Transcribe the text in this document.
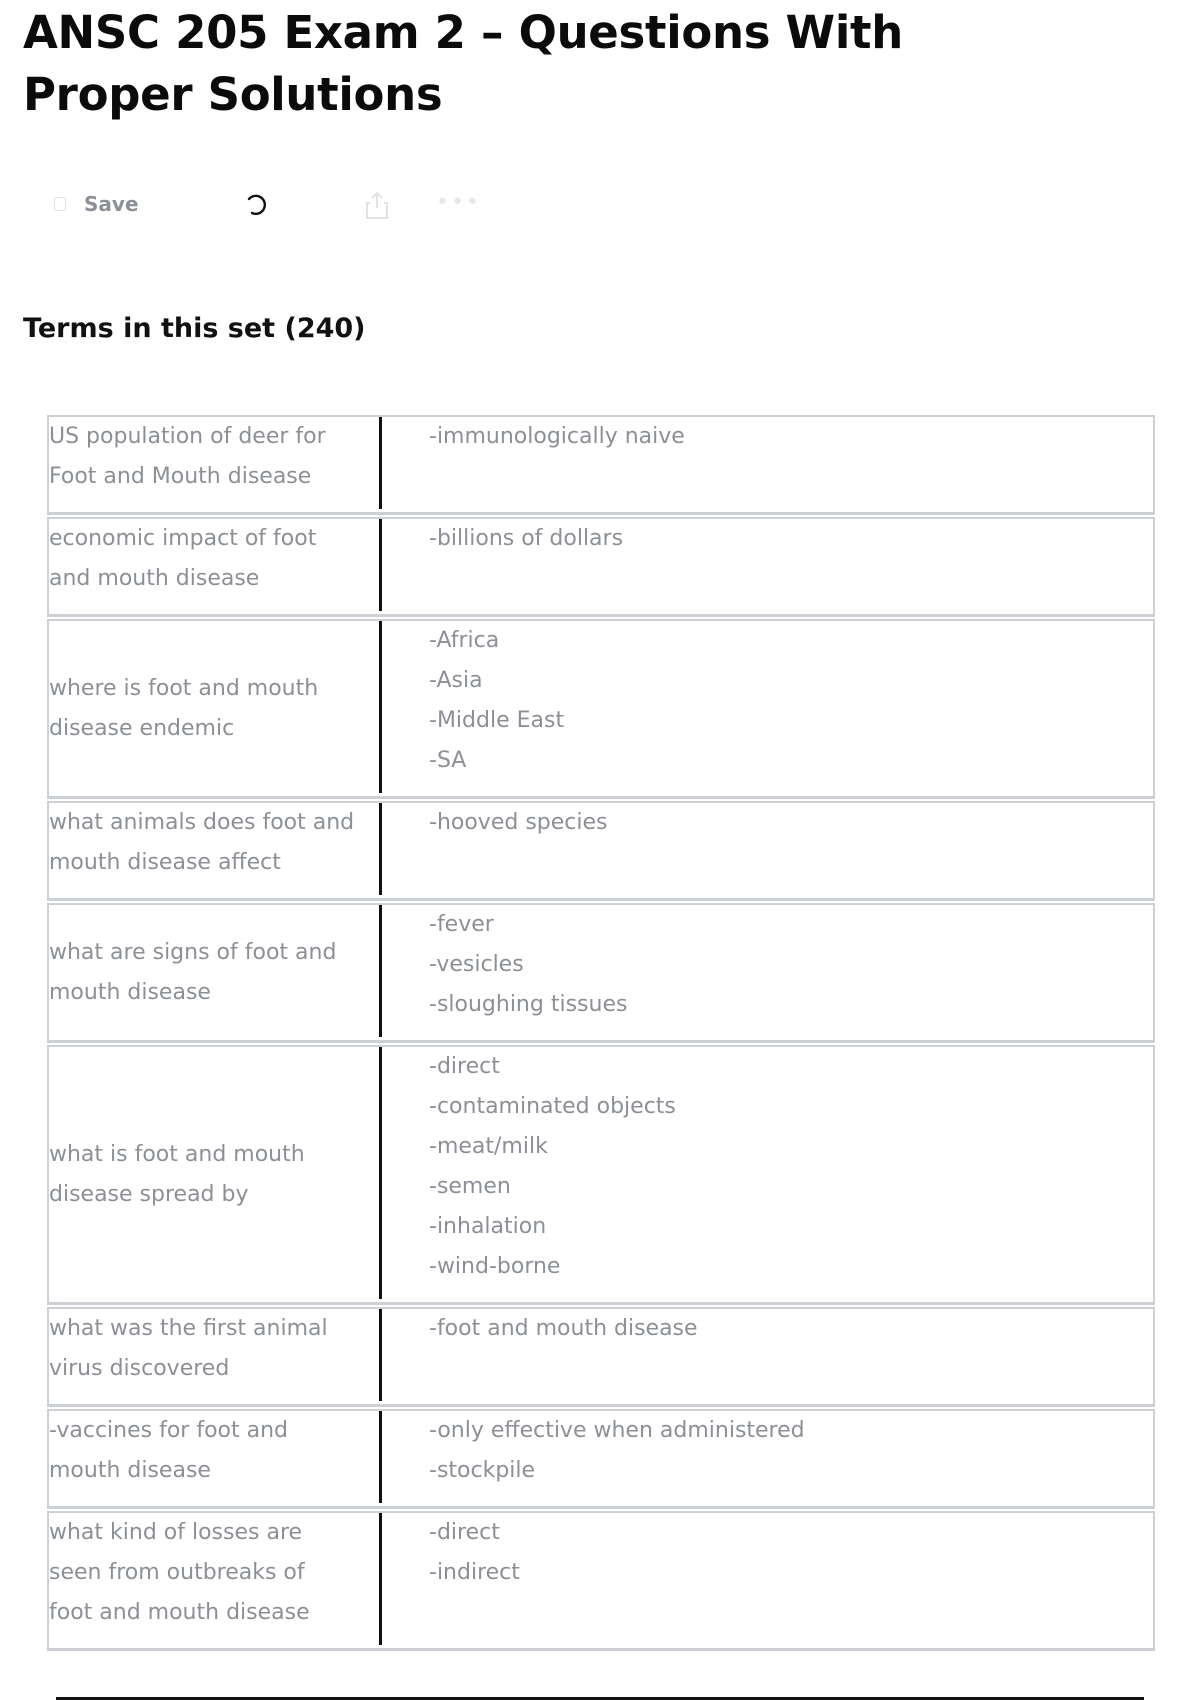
ANSC 205 Exam 2 – Questions With Proper Solutions
Save	•••
Terms in this set (240)
US population of deer for
Foot and Mouth disease
-immunologically naive
economic impact of foot
and mouth disease
-billions of dollars
where is foot and mouth
disease endemic
-Africa
-Asia
-Middle East
-SA
what animals does foot and
mouth disease affect
-hooved species
what are signs of foot and
mouth disease
-fever
-vesicles
-sloughing tissues
what is foot and mouth
disease spread by
-direct
-contaminated objects
-meat/milk
-semen
-inhalation
-wind-borne
what was the first animal
virus discovered
-foot and mouth disease
-vaccines for foot and
mouth disease
-only effective when administered
-stockpile
what kind of losses are
seen from outbreaks of
foot and mouth disease
-direct
-indirect
